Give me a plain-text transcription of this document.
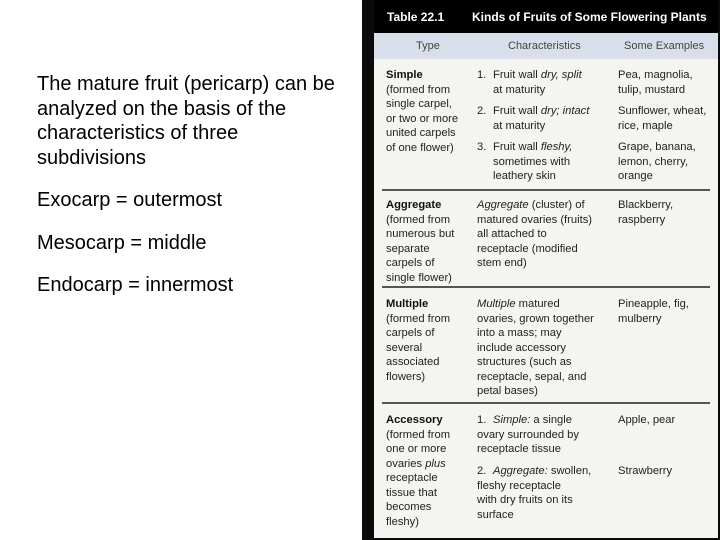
The mature fruit (pericarp) can be analyzed on the basis of the characteristics of three subdivisions

Exocarp = outermost

Mesocarp = middle

Endocarp = innermost

Table 22.1 Kinds of Fruits of Some Flowering Plants
Type	Characteristics	Some Examples
Simple
(formed from
single carpel,
or two or more
united carpels
of one flower)
1. Fruit wall dry, split
at maturity
2. Fruit wall dry; intact
at maturity
3. Fruit wall fleshy,
sometimes with
leathery skin
Pea, magnolia,
tulip, mustard
Sunflower, wheat,
rice, maple
Grape, banana,
lemon, cherry,
orange
Aggregate
(formed from
numerous but
separate
carpels of
single flower)
Aggregate (cluster) of
matured ovaries (fruits)
all attached to
receptacle (modified
stem end)
Blackberry,
raspberry
Multiple
(formed from
carpels of
several
associated
flowers)
Multiple matured
ovaries, grown together
into a mass; may
include accessory
structures (such as
receptacle, sepal, and
petal bases)
Pineapple, fig,
mulberry
Accessory
(formed from
one or more
ovaries plus
receptacle
tissue that
becomes
fleshy)
1. Simple: a single
ovary surrounded by
receptacle tissue
2. Aggregate: swollen,
fleshy receptacle
with dry fruits on its
surface
Apple, pear
Strawberry
